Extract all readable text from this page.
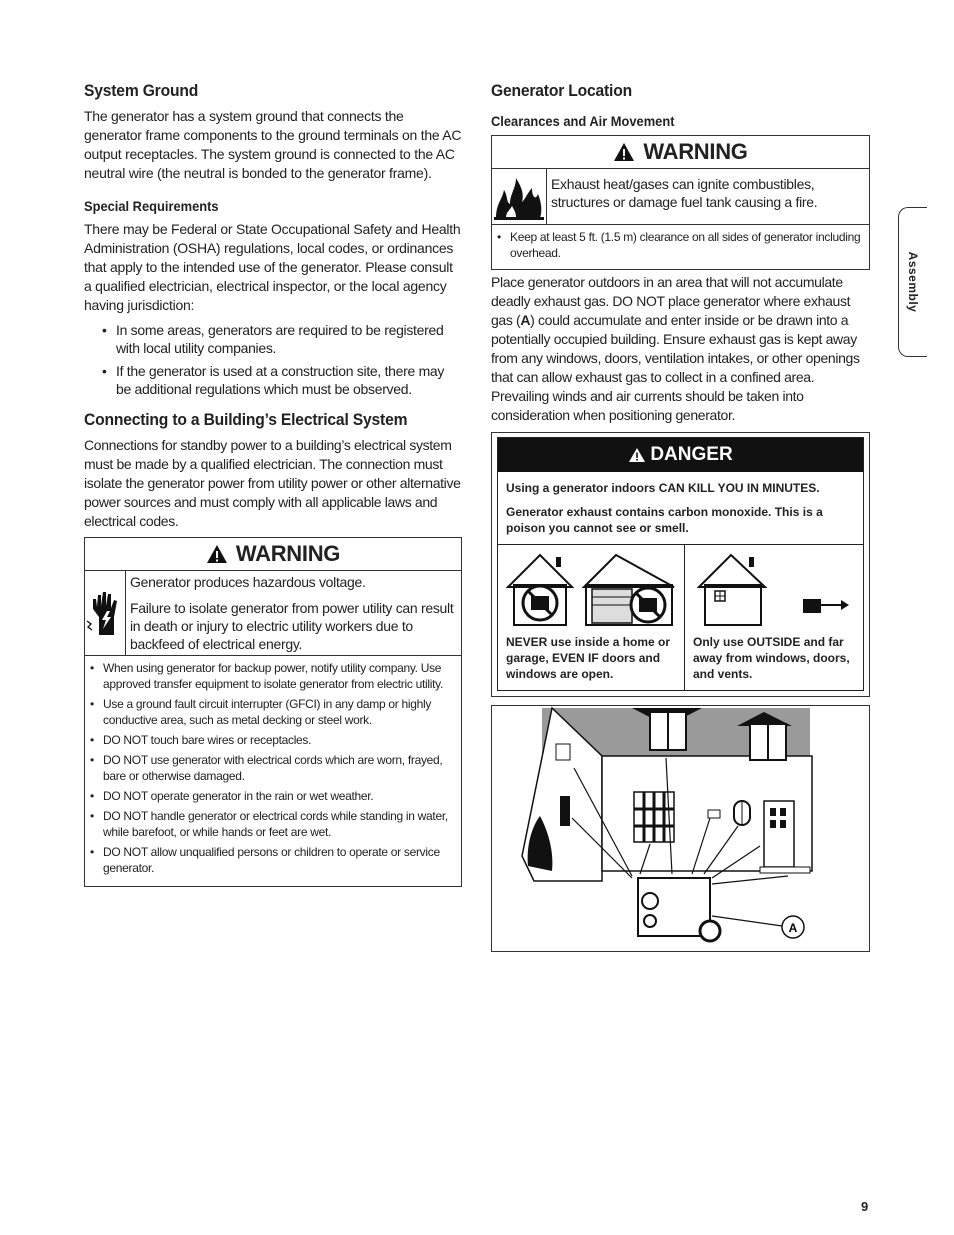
System Ground

The generator has a system ground that connects the generator frame components to the ground terminals on the AC output receptacles. The system ground is connected to the AC neutral wire (the neutral is bonded to the generator frame).

Special Requirements

There may be Federal or State Occupational Safety and Health Administration (OSHA) regulations, local codes, or ordinances that apply to the intended use of the generator. Please consult a qualified electrician, electrical inspector, or the local agency having jurisdiction:

• In some areas, generators are required to be registered with local utility companies.
• If the generator is used at a construction site, there may be additional regulations which must be observed.
Connecting to a Building’s Electrical System

Connections for standby power to a building’s electrical system must be made by a qualified electrician. The connection must isolate the generator power from utility power or other alternative power sources and must comply with all applicable laws and electrical codes.

WARNING
Generator produces hazardous voltage.
Failure to isolate generator from power utility can result in death or injury to electric utility workers due to backfeed of electrical energy.
• When using generator for backup power, notify utility company. Use approved transfer equipment to isolate generator from electric utility.
• Use a ground fault circuit interrupter (GFCI) in any damp or highly conductive area, such as metal decking or steel work.
• DO NOT touch bare wires or receptacles.
• DO NOT use generator with electrical cords which are worn, frayed, bare or otherwise damaged.
• DO NOT operate generator in the rain or wet weather.
• DO NOT handle generator or electrical cords while standing in water, while barefoot, or while hands or feet are wet.
• DO NOT allow unqualified persons or children to operate or service generator.
Generator Location
Clearances and Air Movement
WARNING
Exhaust heat/gases can ignite combustibles, structures or damage fuel tank causing a fire.
• Keep at least 5 ft. (1.5 m) clearance on all sides of generator including overhead.

Place generator outdoors in an area that will not accumulate deadly exhaust gas. DO NOT place generator where exhaust gas (A) could accumulate and enter inside or be drawn into a potentially occupied building. Ensure exhaust gas is kept away from any windows, doors, ventilation intakes, or other openings that can allow exhaust gas to collect in a confined area. Prevailing winds and air currents should be taken into consideration when positioning generator.

DANGER

Using a generator indoors CAN KILL YOU IN MINUTES.

Generator exhaust contains carbon monoxide. This is a poison you cannot see or smell.

NEVER use inside a home or garage, EVEN IF doors and windows are open.
Only use OUTSIDE and far away from windows, doors, and vents.
A
Assembly
9
